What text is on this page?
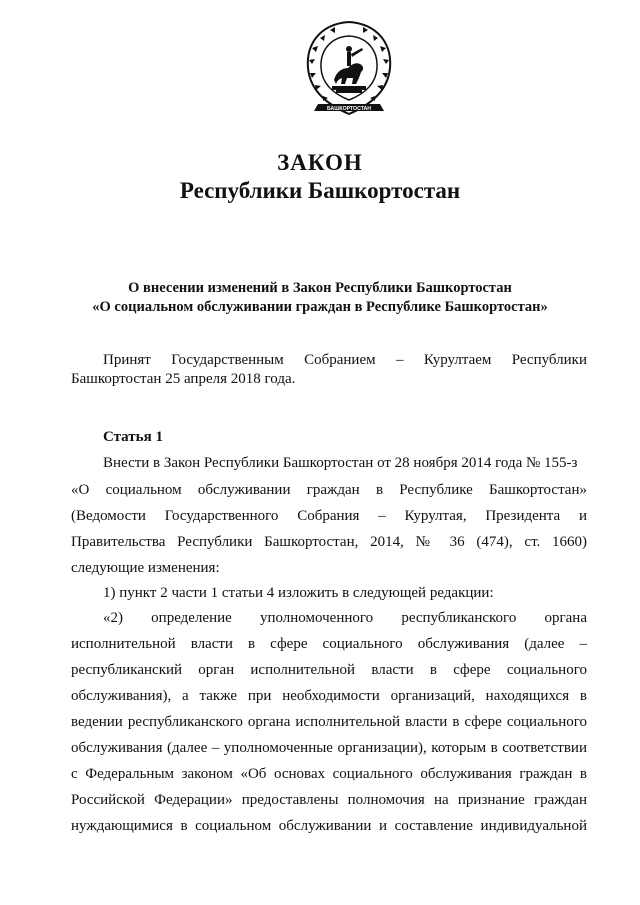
БАШКОРТОСТАН
ЗАКОН
Республики Башкортостан
О внесении изменений в Закон Республики Башкортостан
«О социальном обслуживании граждан в Республике Башкортостан»
Принят Государственным Собранием – Курултаем Республики
Башкортостан 25 апреля 2018 года.
Статья 1
Внести в Закон Республики Башкортостан от 28 ноября 2014 года № 155-з
«О социальном обслуживании граждан в Республике Башкортостан»
(Ведомости Государственного Собрания – Курултая, Президента и
Правительства Республики Башкортостан, 2014, № 36 (474), ст. 1660)
следующие изменения:
1) пункт 2 части 1 статьи 4 изложить в следующей редакции:
«2) определение уполномоченного республиканского органа
исполнительной власти в сфере социального обслуживания (далее –
республиканский орган исполнительной власти в сфере социального
обслуживания), а также при необходимости организаций, находящихся в
ведении республиканского органа исполнительной власти в сфере социального
обслуживания (далее – уполномоченные организации), которым в соответствии
с Федеральным законом «Об основах социального обслуживания граждан в
Российской Федерации» предоставлены полномочия на признание граждан
нуждающимися в социальном обслуживании и составление индивидуальной
